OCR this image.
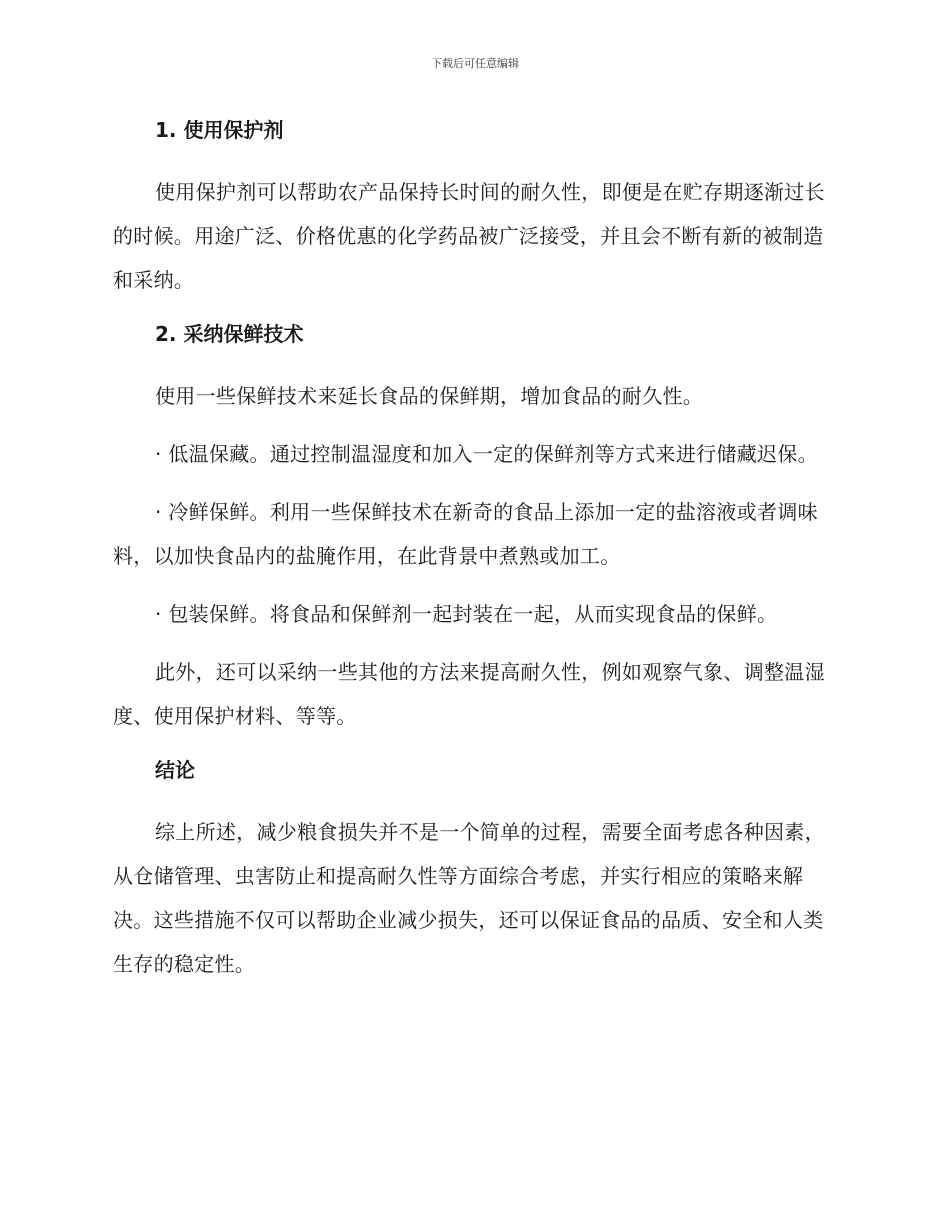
下载后可任意编辑
1. 使用保护剂
使用保护剂可以帮助农产品保持长时间的耐久性，即便是在贮存期逐渐过长的时候。用途广泛、价格优惠的化学药品被广泛接受，并且会不断有新的被制造和采纳。
2. 采纳保鲜技术
使用一些保鲜技术来延长食品的保鲜期，增加食品的耐久性。
· 低温保藏。通过控制温湿度和加入一定的保鲜剂等方式来进行储藏迟保。
· 冷鲜保鲜。利用一些保鲜技术在新奇的食品上添加一定的盐溶液或者调味料，以加快食品内的盐腌作用，在此背景中煮熟或加工。
· 包装保鲜。将食品和保鲜剂一起封装在一起，从而实现食品的保鲜。
此外，还可以采纳一些其他的方法来提高耐久性，例如观察气象、调整温湿度、使用保护材料、等等。
结论
综上所述，减少粮食损失并不是一个简单的过程，需要全面考虑各种因素，从仓储管理、虫害防止和提高耐久性等方面综合考虑，并实行相应的策略来解决。这些措施不仅可以帮助企业减少损失，还可以保证食品的品质、安全和人类生存的稳定性。
